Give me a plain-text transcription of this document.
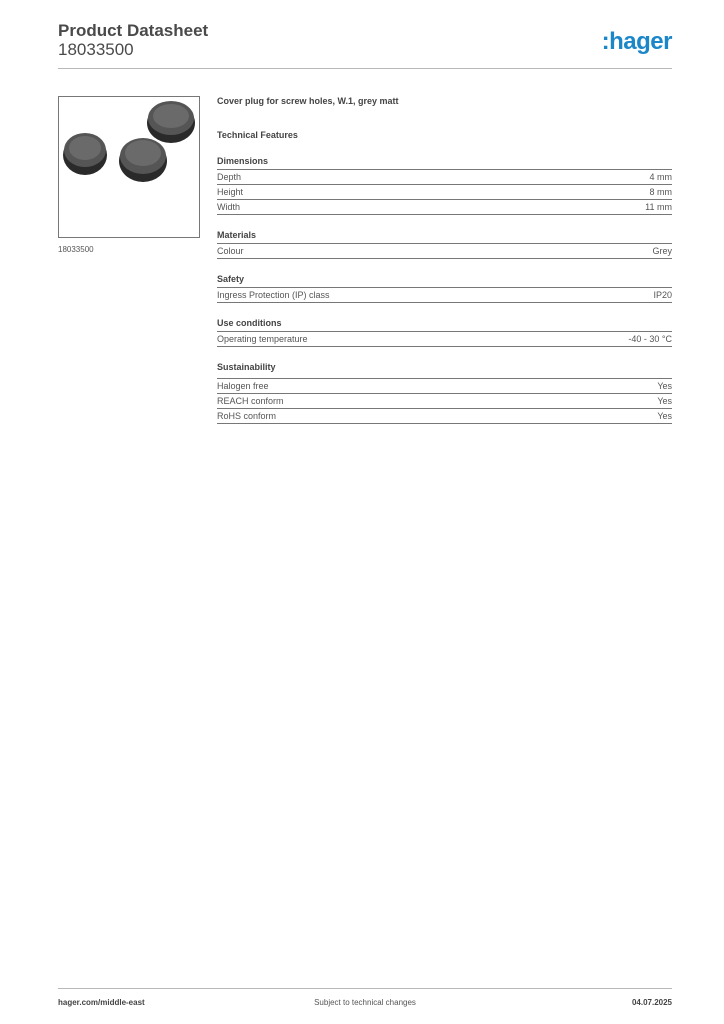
Product Datasheet
18033500	:hager
18033500
Cover plug for screw holes, W.1, grey matt
Technical Features
Dimensions
Depth	4 mm
Height	8 mm
Width	11 mm
Materials
Colour	Grey
Safety
Ingress Protection (IP) class	IP20
Use conditions
Operating temperature	-40 - 30 °C
Sustainability
Halogen free	Yes
REACH conform	Yes
RoHS conform	Yes
hager.com/middle-east	Subject to technical changes	04.07.2025
